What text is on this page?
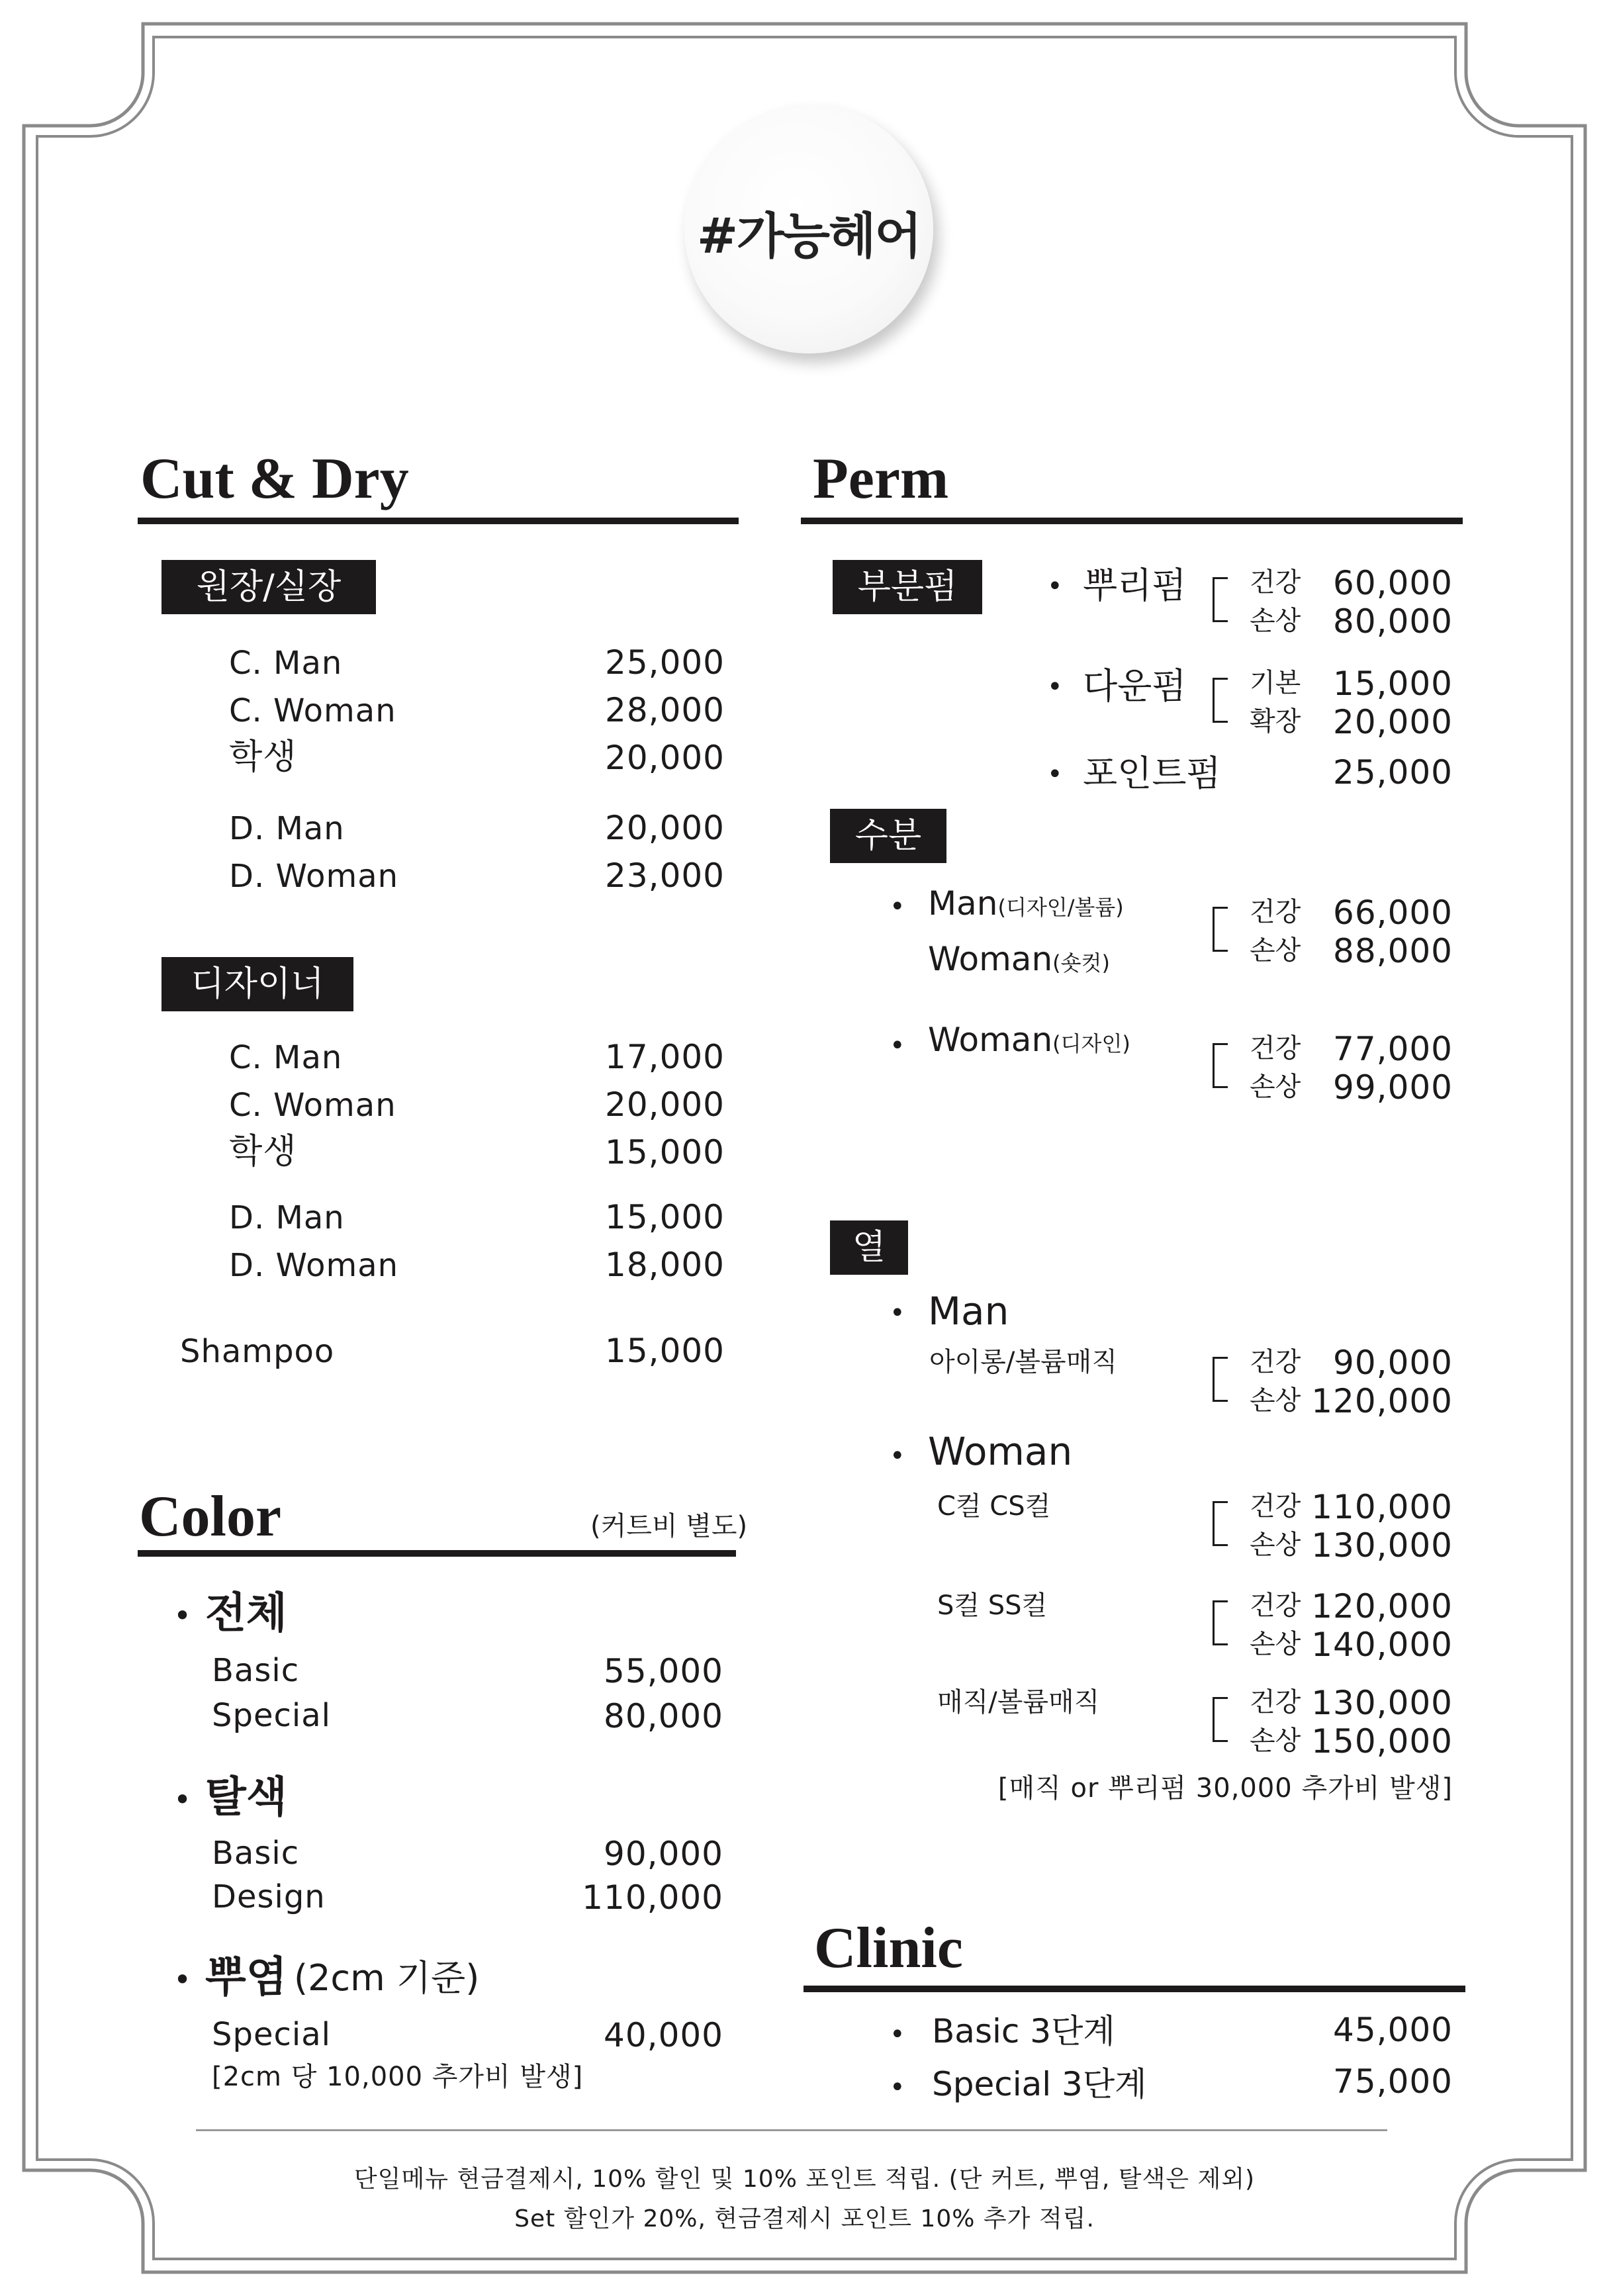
#가능헤어
Cut & Dry
원장/실장
C. Man	25,000
C. Woman	28,000
학생	20,000
D. Man	20,000
D. Woman	23,000
디자이너
C. Man	17,000
C. Woman	20,000
학생	15,000
D. Man	15,000
D. Woman	18,000
Shampoo	15,000
Color	(커트비 별도)
• 전체
Basic	55,000
Special	80,000
• 탈색
Basic	90,000
Design	110,000
• 뿌염 (2cm 기준)
Special	40,000
[2cm 당 10,000 추가비 발생]
Perm
부분펌	• 뿌리펌 건강 60,000
손상 80,000
• 다운펌 기본 15,000
확장 20,000
• 포인트펌	25,000
수분
• Man(디자인/볼륨)
Woman(숏컷)
건강 66,000
손상 88,000
• Woman(디자인)	건강 77,000
손상 99,000
열
• Man
아이롱/볼륨매직	건강 90,000
손상 120,000
• Woman
C컬 CS컬	건강 110,000
손상 130,000
S컬 SS컬	건강 120,000
손상 140,000
매직/볼륨매직	건강 130,000
손상 150,000
[매직 or 뿌리펌 30,000 추가비 발생]
Clinic
• Basic 3단계	45,000
• Special 3단계	75,000
단일메뉴 현금결제시, 10% 할인 및 10% 포인트 적립. (단 커트, 뿌염, 탈색은 제외)
Set 할인가 20%, 현금결제시 포인트 10% 추가 적립.
